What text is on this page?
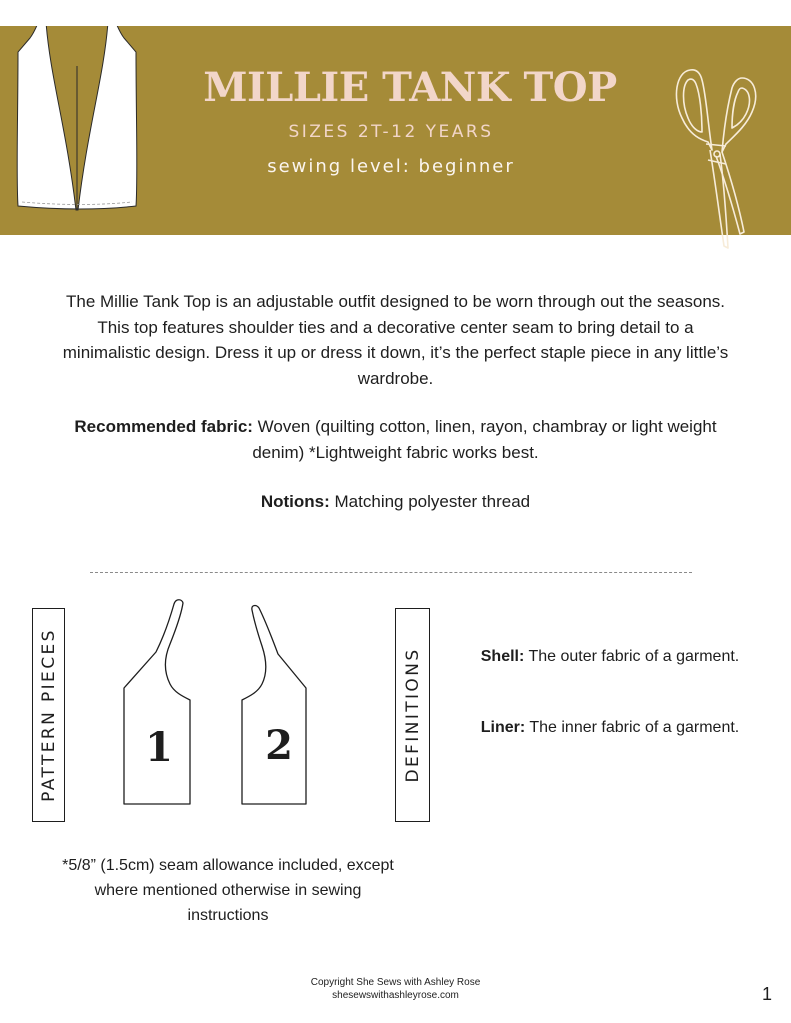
MILLIE TANK TOP
SIZES 2T-12 YEARS
sewing level: beginner

The Millie Tank Top is an adjustable outfit designed to be worn through out the seasons. This top features shoulder ties and a decorative center seam to bring detail to a minimalistic design. Dress it up or dress it down, it’s the perfect staple piece in any little’s wardrobe.

Recommended fabric: Woven (quilting cotton, linen, rayon, chambray or light weight denim) *Lightweight fabric works best.

Notions: Matching polyester thread

PATTERN PIECES 1 2

*5/8” (1.5cm) seam allowance included, except where mentioned otherwise in sewing instructions

DEFINITIONS	Shell: The outer fabric of a garment.

Liner: The inner fabric of a garment.

Copyright She Sews with Ashley Rose
shesewswithashleyrose.com	1
